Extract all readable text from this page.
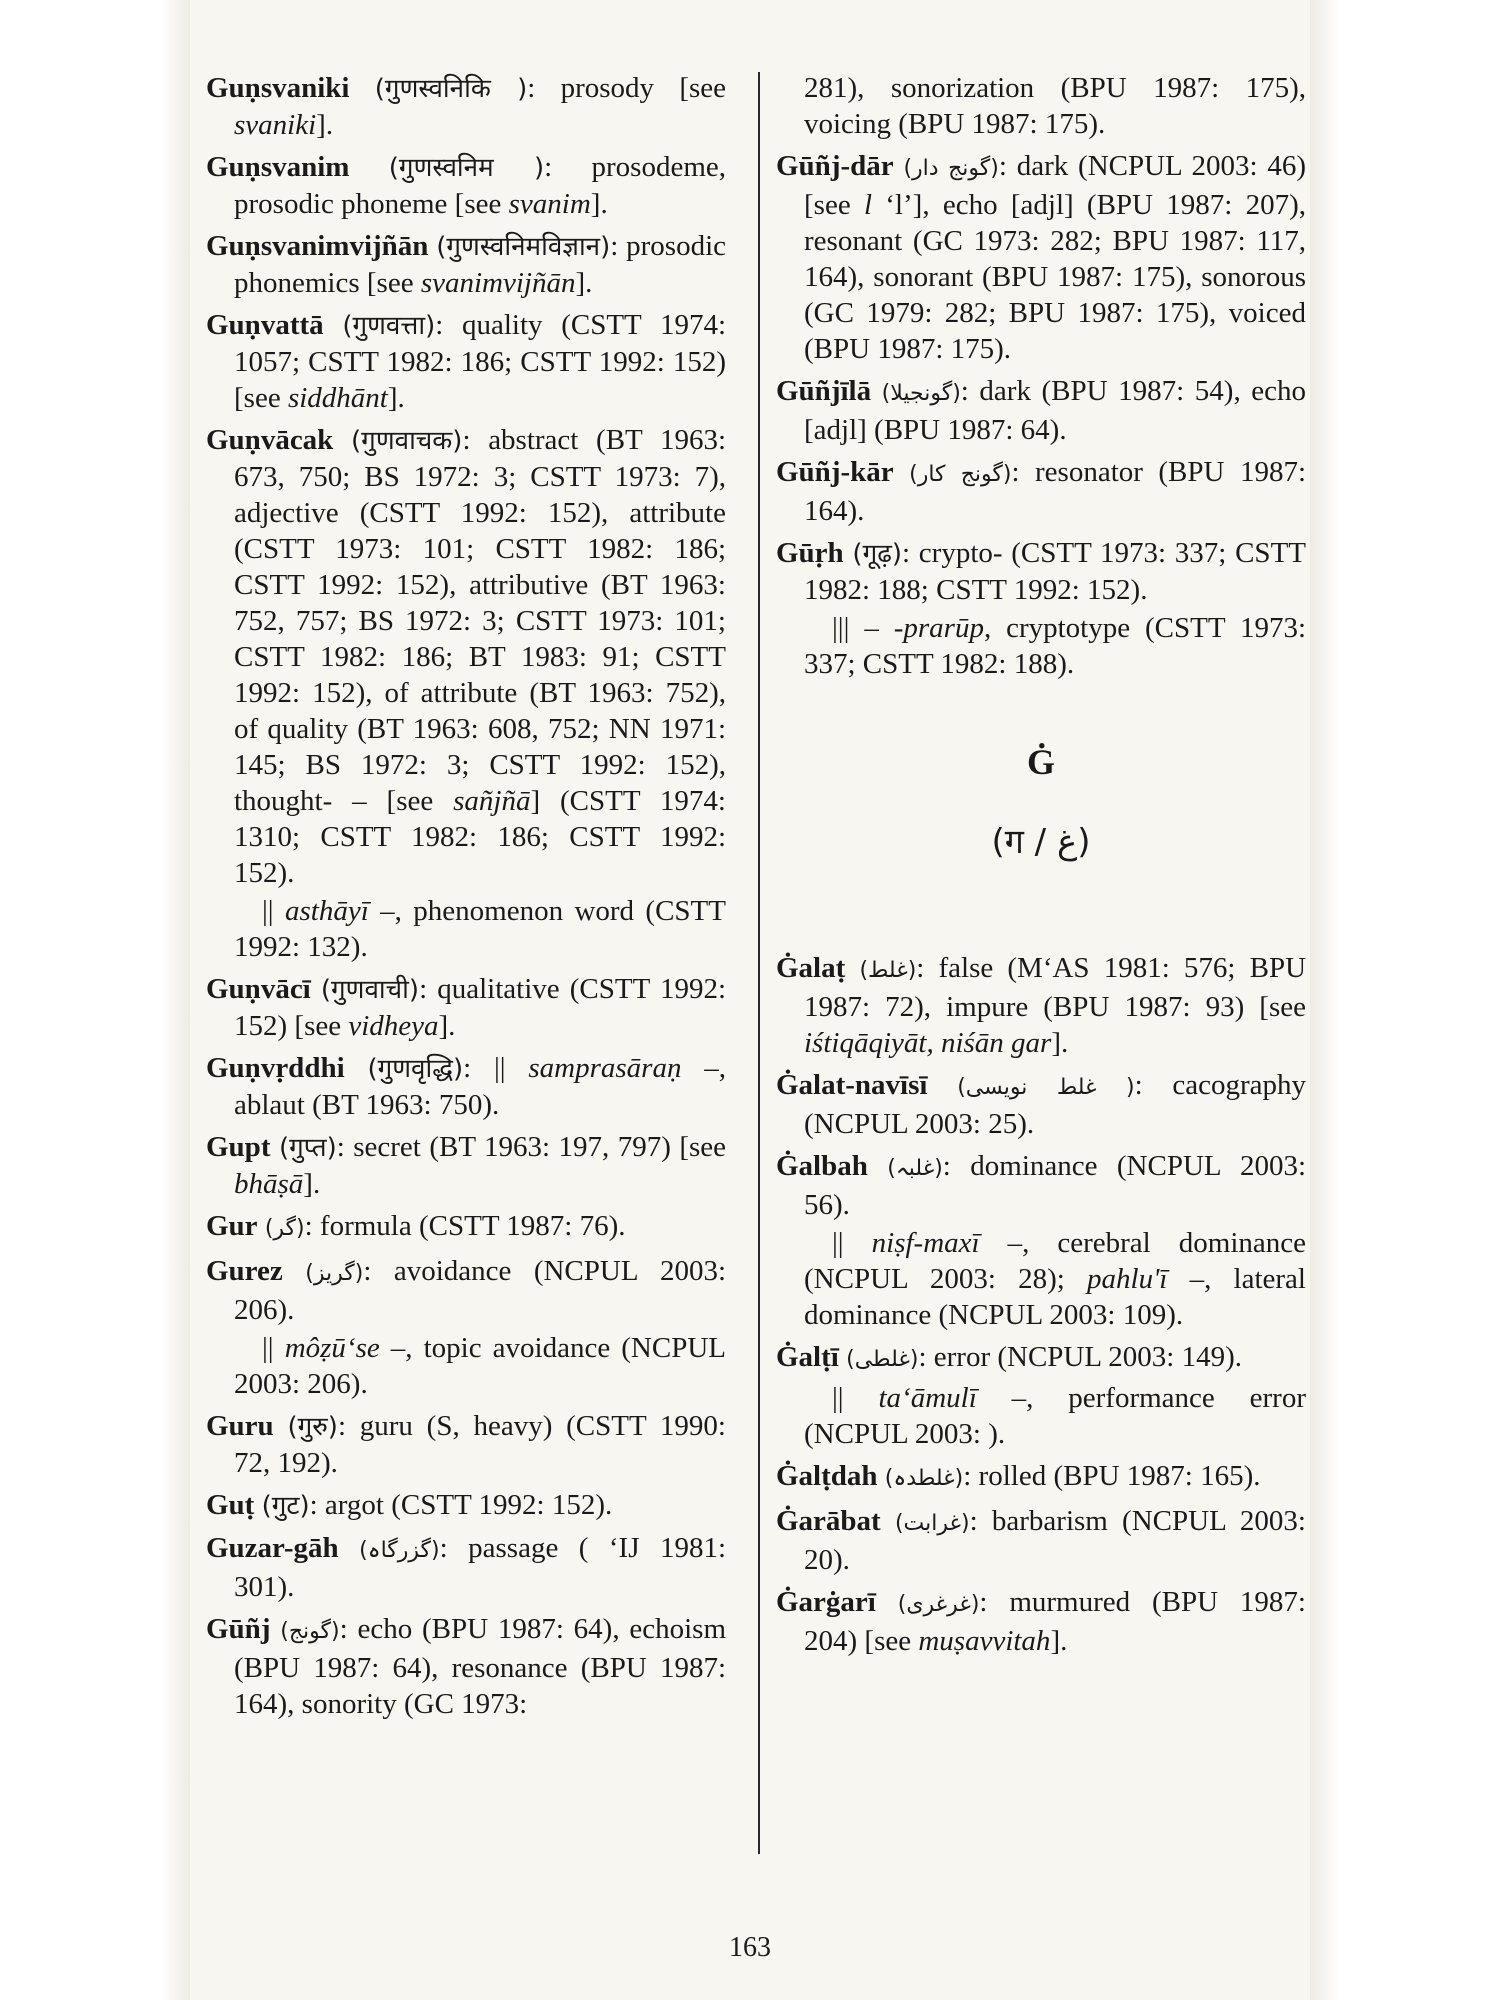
Guṇsvaniki (गुणस्वनिकि ): prosody [see svaniki].
Guṇsvanim (गुणस्वनिम ): prosodeme, prosodic phoneme [see svanim].
Guṇsvanimvijñān (गुणस्वनिमविज्ञान): prosodic phonemics [see svanimvijñān].
Guṇvattā (गुणवत्ता): quality (CSTT 1974: 1057; CSTT 1982: 186; CSTT 1992: 152) [see siddhānt].
Guṇvācak (गुणवाचक): abstract (BT 1963: 673, 750; BS 1972: 3; CSTT 1973: 7), adjective (CSTT 1992: 152), attribute (CSTT 1973: 101; CSTT 1982: 186; CSTT 1992: 152), attributive (BT 1963: 752, 757; BS 1972: 3; CSTT 1973: 101; CSTT 1982: 186; BT 1983: 91; CSTT 1992: 152), of attribute (BT 1963: 752), of quality (BT 1963: 608, 752; NN 1971: 145; BS 1972: 3; CSTT 1992: 152), thought- – [see sañjñā] (CSTT 1974: 1310; CSTT 1982: 186; CSTT 1992: 152).
|| asthāyī –, phenomenon word (CSTT 1992: 132).
Guṇvācī (गुणवाची): qualitative (CSTT 1992: 152) [see vidheya].
Guṇvṛddhi (गुणवृद्धि): || samprasāraṇ –, ablaut (BT 1963: 750).
Gupt (गुप्त): secret (BT 1963: 197, 797) [see bhāṣā].
Gur (گر): formula (CSTT 1987: 76).
Gurez (گریز): avoidance (NCPUL 2003: 206).
|| môẓū‘se –, topic avoidance (NCPUL 2003: 206).
Guru (गुरु): guru (S, heavy) (CSTT 1990: 72, 192).
Guṭ (गुट): argot (CSTT 1992: 152).
Guzar-gāh (گزرگاہ): passage ( ‘IJ 1981: 301).
Gūñj (گونج): echo (BPU 1987: 64), echoism (BPU 1987: 64), resonance (BPU 1987: 164), sonority (GC 1973:
281), sonorization (BPU 1987: 175), voicing (BPU 1987: 175).
Gūñj-dār (گونج دار): dark (NCPUL 2003: 46) [see l ‘l’], echo [adjl] (BPU 1987: 207), resonant (GC 1973: 282; BPU 1987: 117, 164), sonorant (BPU 1987: 175), sonorous (GC 1979: 282; BPU 1987: 175), voiced (BPU 1987: 175).
Gūñjīlā (گونجیلا): dark (BPU 1987: 54), echo [adjl] (BPU 1987: 64).
Gūñj-kār (گونج کار): resonator (BPU 1987: 164).
Gūṛh (गूढ़): crypto- (CSTT 1973: 337; CSTT 1982: 188; CSTT 1992: 152).
||| – -prarūp, cryptotype (CSTT 1973: 337; CSTT 1982: 188).
Ġ
(ग / غ)
Ġalaṭ (غلط): false (M‘AS 1981: 576; BPU 1987: 72), impure (BPU 1987: 93) [see iśtiqāqiyāt, niśān gar].
Ġalat-navīsī (غلط نویسی ): cacography (NCPUL 2003: 25).
Ġalbah (غلبہ): dominance (NCPUL 2003: 56).
|| niṣf-maxī –, cerebral dominance (NCPUL 2003: 28); pahlu'ī –, lateral dominance (NCPUL 2003: 109).
Ġalṭī (غلطی): error (NCPUL 2003: 149).
|| ta‘āmulī –, performance error (NCPUL 2003: ).
Ġalṭdah (غلطدہ): rolled (BPU 1987: 165).
Ġarābat (غرابت): barbarism (NCPUL 2003: 20).
Ġarġarī (غرغری): murmured (BPU 1987: 204) [see muṣavvitah].
163
